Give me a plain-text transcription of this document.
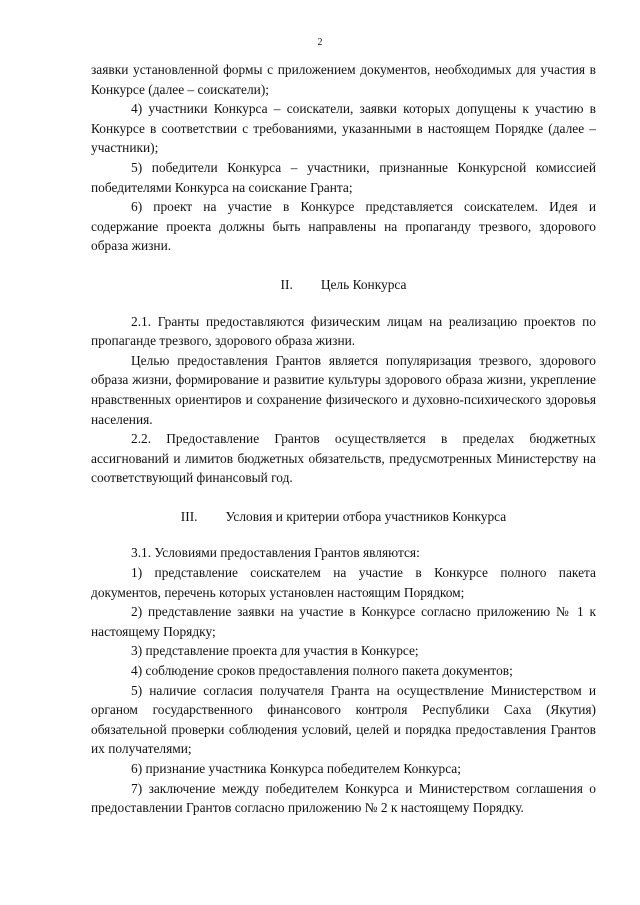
2

заявки установленной формы с приложением документов, необходимых для участия в Конкурсе (далее – соискатели);

4) участники Конкурса – соискатели, заявки которых допущены к участию в Конкурсе в соответствии с требованиями, указанными в настоящем Порядке (далее – участники);

5) победители Конкурса – участники, признанные Конкурсной комиссией победителями Конкурса на соискание Гранта;

6) проект на участие в Конкурсе представляется соискателем. Идея и содержание проекта должны быть направлены на пропаганду трезвого, здорового образа жизни.

II. Цель Конкурса

2.1. Гранты предоставляются физическим лицам на реализацию проектов по пропаганде трезвого, здорового образа жизни.

Целью предоставления Грантов является популяризация трезвого, здорового образа жизни, формирование и развитие культуры здорового образа жизни, укрепление нравственных ориентиров и сохранение физического и духовно-психического здоровья населения.

2.2. Предоставление Грантов осуществляется в пределах бюджетных ассигнований и лимитов бюджетных обязательств, предусмотренных Министерству на соответствующий финансовый год.

III. Условия и критерии отбора участников Конкурса

3.1. Условиями предоставления Грантов являются:

1) представление соискателем на участие в Конкурсе полного пакета документов, перечень которых установлен настоящим Порядком;

2) представление заявки на участие в Конкурсе согласно приложению № 1 к настоящему Порядку;

3) представление проекта для участия в Конкурсе;

4) соблюдение сроков предоставления полного пакета документов;

5) наличие согласия получателя Гранта на осуществление Министерством и органом государственного финансового контроля Республики Саха (Якутия) обязательной проверки соблюдения условий, целей и порядка предоставления Грантов их получателями;

6) признание участника Конкурса победителем Конкурса;

7) заключение между победителем Конкурса и Министерством соглашения о предоставлении Грантов согласно приложению № 2 к настоящему Порядку.
